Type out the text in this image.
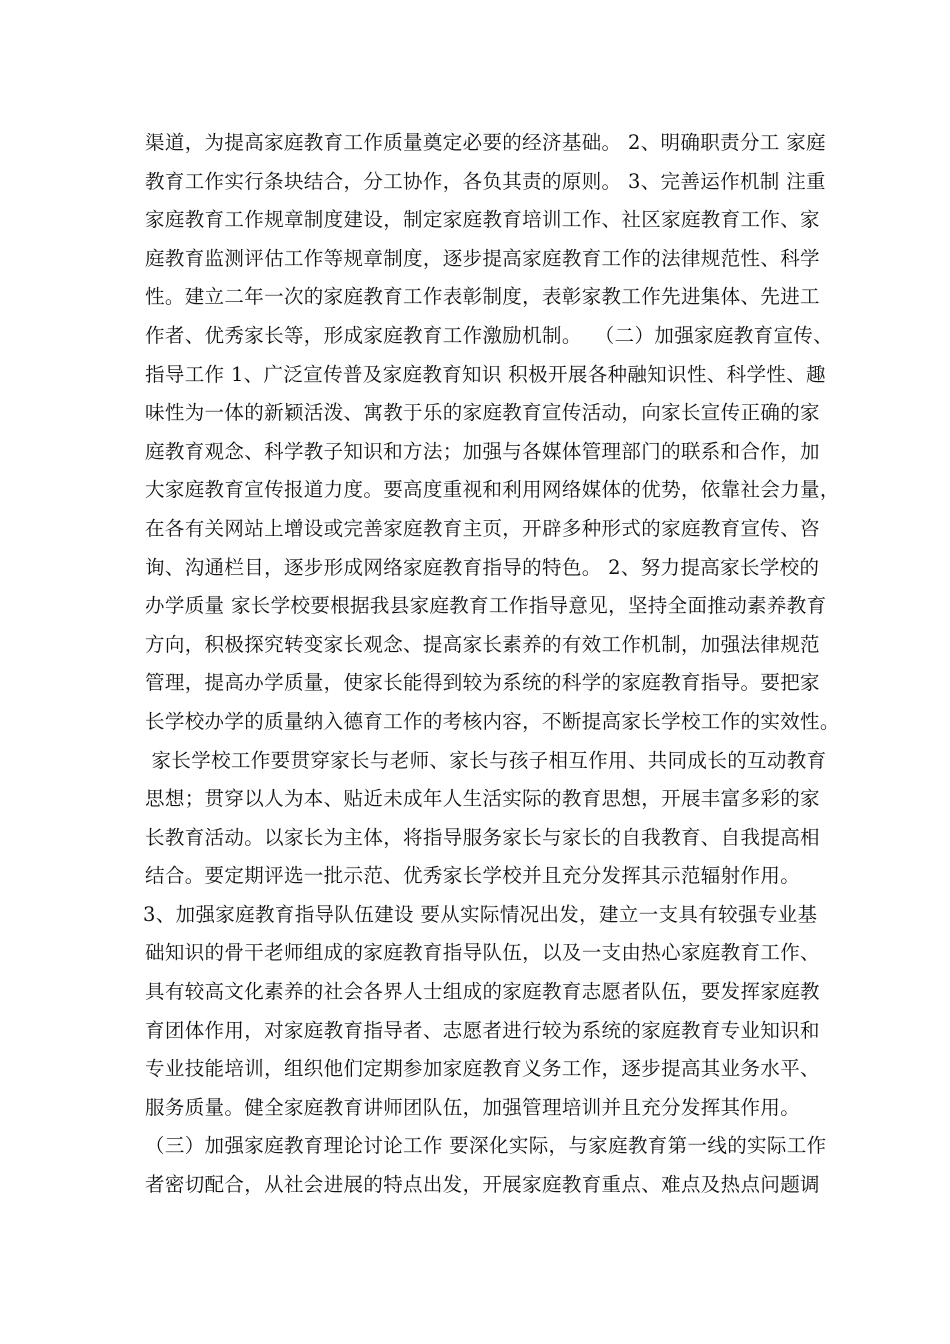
渠道，为提高家庭教育工作质量奠定必要的经济基础。 2、明确职责分工 家庭
教育工作实行条块结合，分工协作，各负其责的原则。 3、完善运作机制 注重
家庭教育工作规章制度建设，制定家庭教育培训工作、社区家庭教育工作、家
庭教育监测评估工作等规章制度，逐步提高家庭教育工作的法律规范性、科学
性。建立二年一次的家庭教育工作表彰制度，表彰家教工作先进集体、先进工
作者、优秀家长等，形成家庭教育工作激励机制。  （二）加强家庭教育宣传、
指导工作 1、广泛宣传普及家庭教育知识 积极开展各种融知识性、科学性、趣
味性为一体的新颖活泼、寓教于乐的家庭教育宣传活动，向家长宣传正确的家
庭教育观念、科学教子知识和方法；加强与各媒体管理部门的联系和合作，加
大家庭教育宣传报道力度。要高度重视和利用网络媒体的优势，依靠社会力量，
在各有关网站上增设或完善家庭教育主页，开辟多种形式的家庭教育宣传、咨
询、沟通栏目，逐步形成网络家庭教育指导的特色。 2、努力提高家长学校的
办学质量 家长学校要根据我县家庭教育工作指导意见，坚持全面推动素养教育
方向，积极探究转变家长观念、提高家长素养的有效工作机制，加强法律规范
管理，提高办学质量，使家长能得到较为系统的科学的家庭教育指导。要把家
长学校办学的质量纳入德育工作的考核内容，不断提高家长学校工作的实效性。
家长学校工作要贯穿家长与老师、家长与孩子相互作用、共同成长的互动教育
思想；贯穿以人为本、贴近未成年人生活实际的教育思想，开展丰富多彩的家
长教育活动。以家长为主体，将指导服务家长与家长的自我教育、自我提高相
结合。要定期评选一批示范、优秀家长学校并且充分发挥其示范辐射作用。
3、加强家庭教育指导队伍建设 要从实际情况出发，建立一支具有较强专业基
础知识的骨干老师组成的家庭教育指导队伍，以及一支由热心家庭教育工作、
具有较高文化素养的社会各界人士组成的家庭教育志愿者队伍，要发挥家庭教
育团体作用，对家庭教育指导者、志愿者进行较为系统的家庭教育专业知识和
专业技能培训，组织他们定期参加家庭教育义务工作，逐步提高其业务水平、
服务质量。健全家庭教育讲师团队伍，加强管理培训并且充分发挥其作用。
（三）加强家庭教育理论讨论工作 要深化实际，与家庭教育第一线的实际工作
者密切配合，从社会进展的特点出发，开展家庭教育重点、难点及热点问题调
